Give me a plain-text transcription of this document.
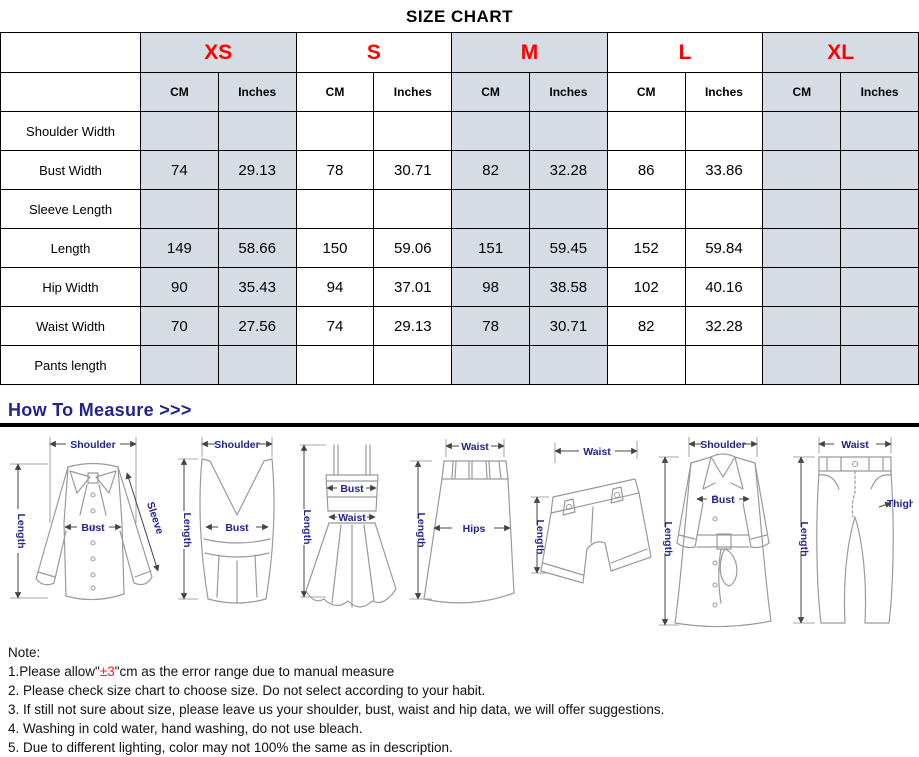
SIZE CHART
	XS		S		M		L		XL	
	CM	Inches	CM	Inches	CM	Inches	CM	Inches	CM	Inches
Shoulder Width										
Bust Width	74	29.13	78	30.71	82	32.28	86	33.86		
Sleeve Length										
Length	149	58.66	150	59.06	151	59.45	152	59.84		
Hip Width	90	35.43	94	37.01	98	38.58	102	40.16		
Waist Width	70	27.56	74	29.13	78	30.71	82	32.28		
Pants length										
How To Measure >>>
Shoulder
Length	Bust	Sleeve
Shoulder
Length	Bust	Length
Bust
Waist
Waist
Length	Hips
Waist
Length
Shoulder
Length
Bust
Waist
Length
Thigh
Note:
1.Please allow"±3"cm as the error range due to manual measure
2. Please check size chart to choose size. Do not select according to your habit.
3. If still not sure about size, please leave us your shoulder, bust, waist and hip data, we will offer suggestions.
4. Washing in cold water, hand washing, do not use bleach.
5. Due to different lighting, color may not 100% the same as in description.
